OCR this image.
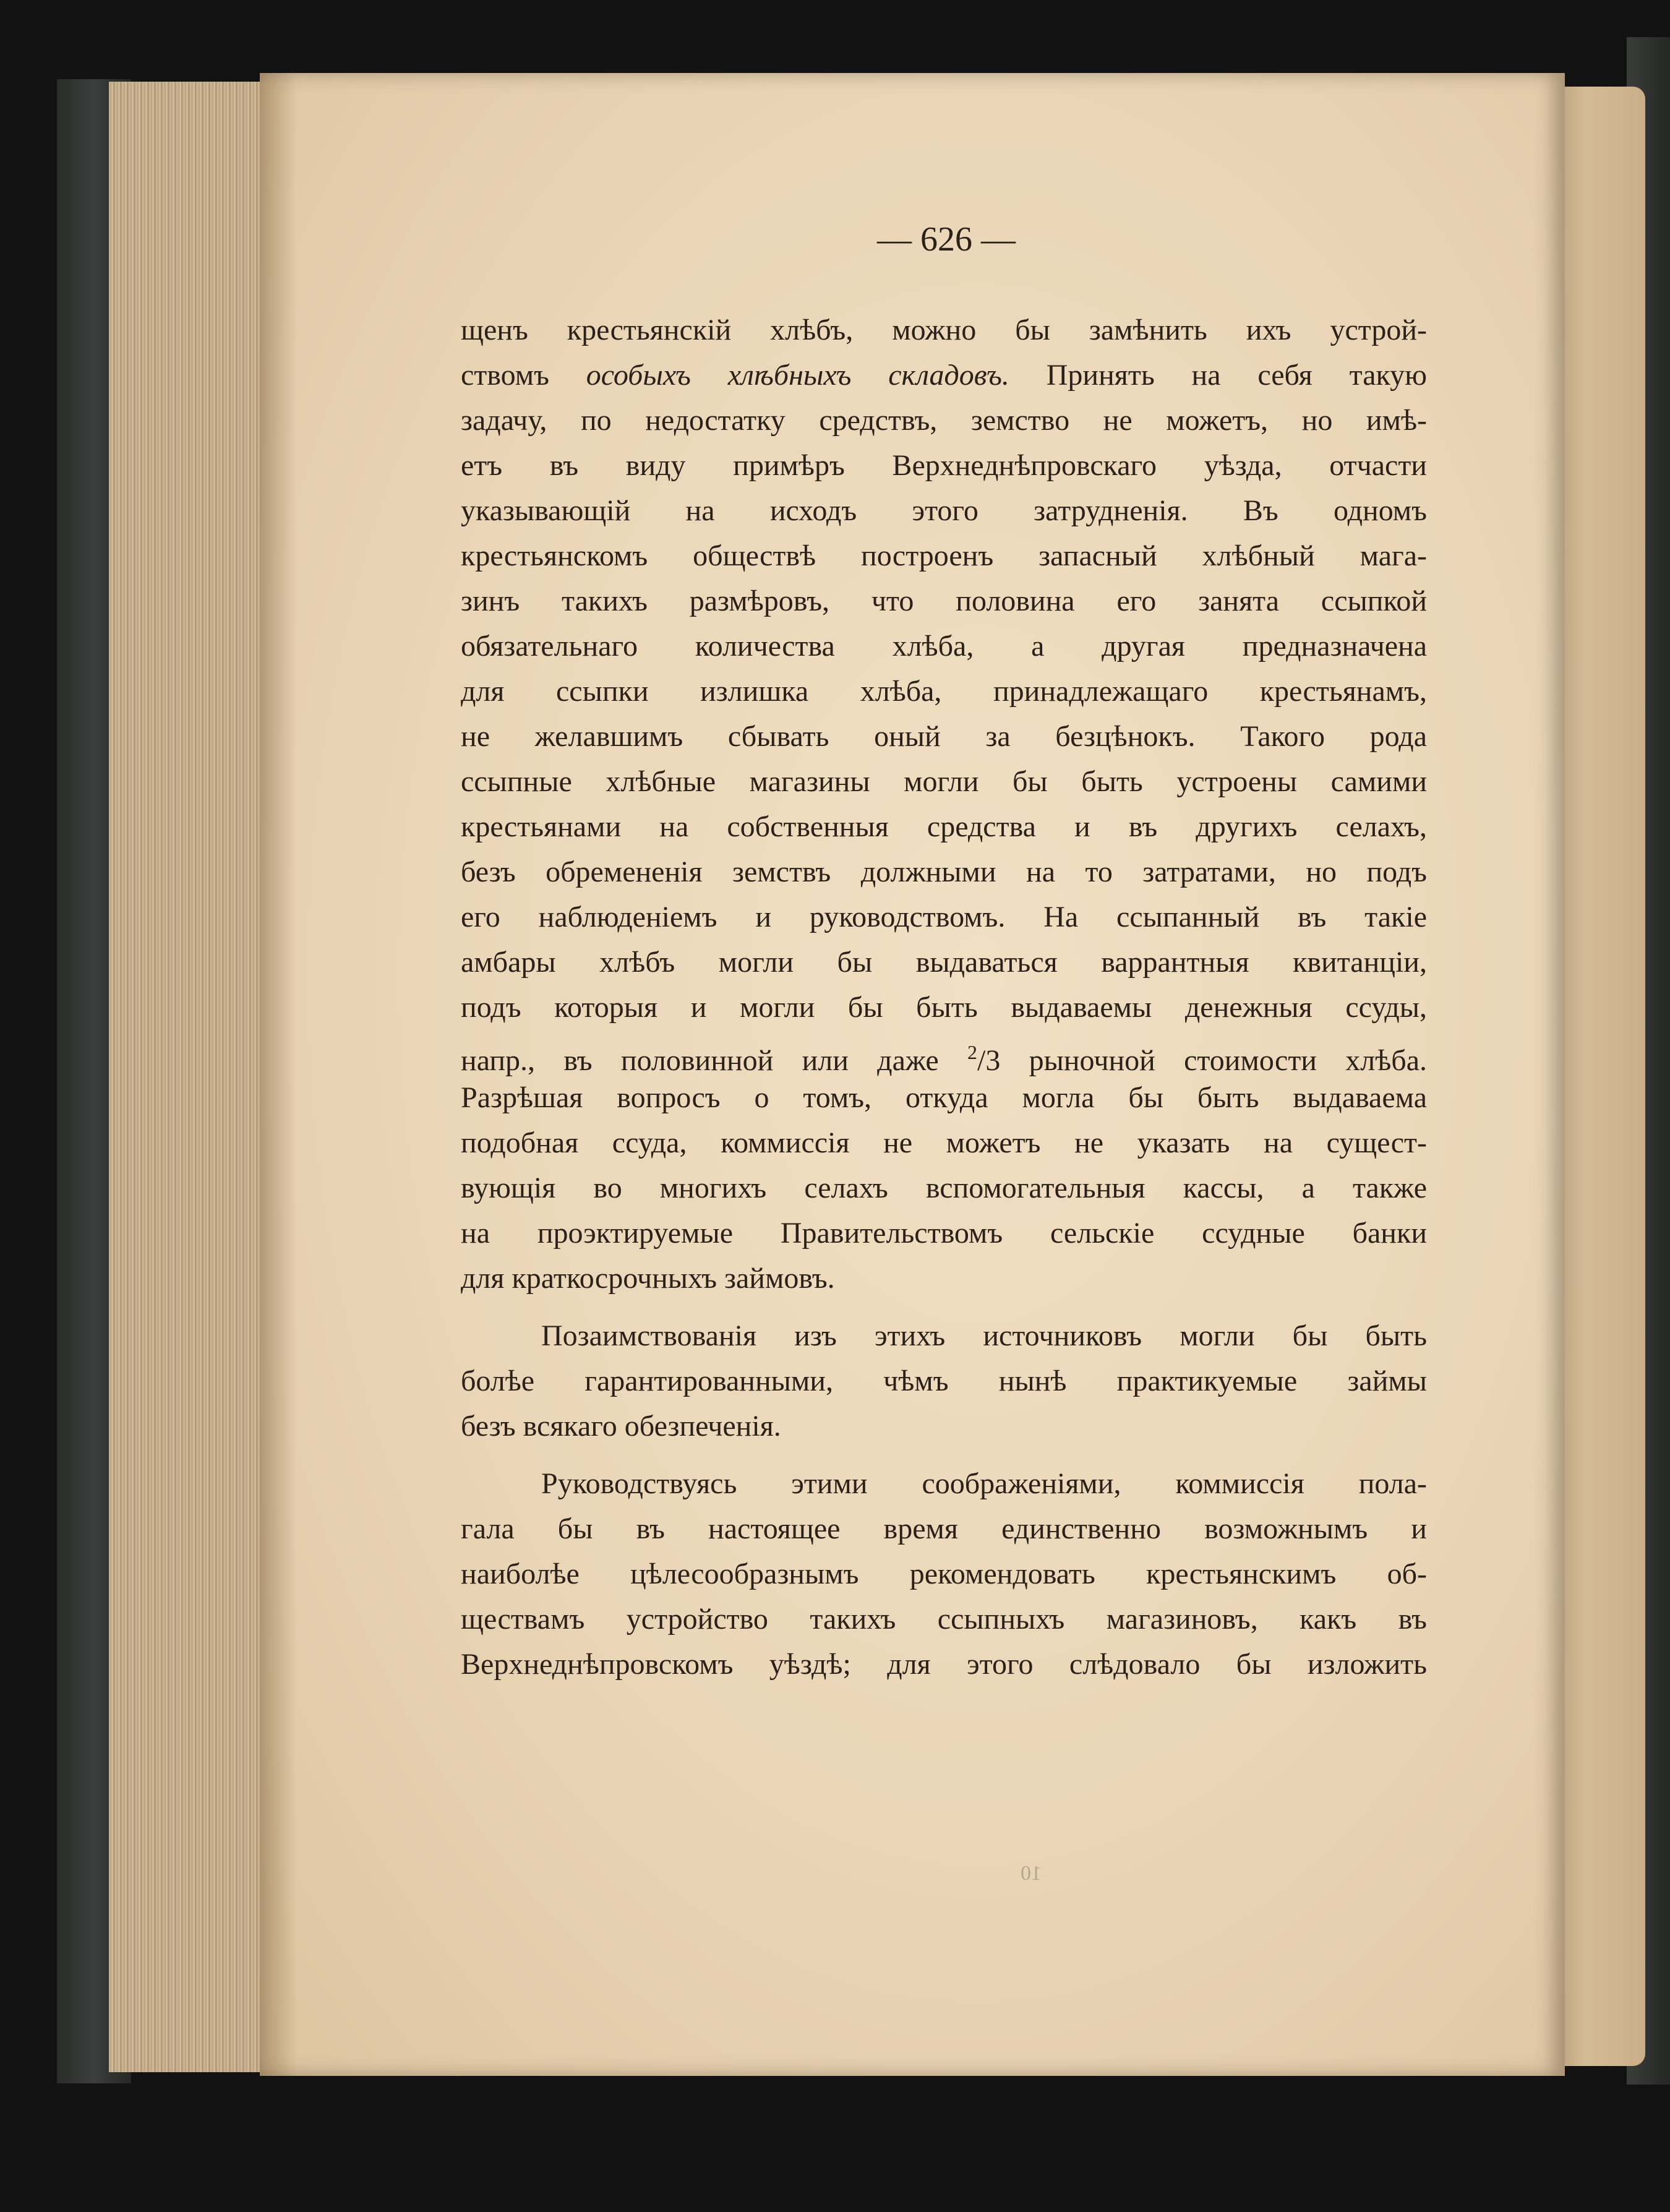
— 626 —
щенъ крестьянскій хлѣбъ, можно бы замѣнить ихъ устрой-
ствомъ особыхъ хлѣбныхъ складовъ. Принять на себя такую
задачу, по недостатку средствъ, земство не можетъ, но имѣ-
етъ въ виду примѣръ Верхнеднѣпровскаго уѣзда, отчасти
указывающій на исходъ этого затрудненія. Въ одномъ
крестьянскомъ обществѣ построенъ запасный хлѣбный мага-
зинъ такихъ размѣровъ, что половина его занята ссыпкой
обязательнаго количества хлѣба, а другая предназначена
для ссыпки излишка хлѣба, принадлежащаго крестьянамъ,
не желавшимъ сбывать оный за безцѣнокъ. Такого рода
ссыпные хлѣбные магазины могли бы быть устроены самими
крестьянами на собственныя средства и въ другихъ селахъ,
безъ обремененія земствъ должными на то затратами, но подъ
его наблюденіемъ и руководствомъ. На ссыпанный въ такіе
амбары хлѣбъ могли бы выдаваться варрантныя квитанціи,
подъ которыя и могли бы быть выдаваемы денежныя ссуды,
напр., въ половинной или даже $^2$/3 рыночной стоимости хлѣба.
Разрѣшая вопросъ о томъ, откуда могла бы быть выдаваема
подобная ссуда, коммиссія не можетъ не указать на сущест-
вующія во многихъ селахъ вспомогательныя кассы, а также
на проэктируемые Правительствомъ сельскіе ссудные банки
для краткосрочныхъ займовъ.
Позаимствованія изъ этихъ источниковъ могли бы быть
болѣе гарантированными, чѣмъ нынѣ практикуемые займы
безъ всякаго обезпеченія.
Руководствуясь этими соображеніями, коммиссія пола-
гала бы въ настоящее время единственно возможнымъ и
наиболѣе цѣлесообразнымъ рекомендовать крестьянскимъ об-
ществамъ устройство такихъ ссыпныхъ магазиновъ, какъ въ
Верхнеднѣпровскомъ уѣздѣ; для этого слѣдовало бы изложить
10
